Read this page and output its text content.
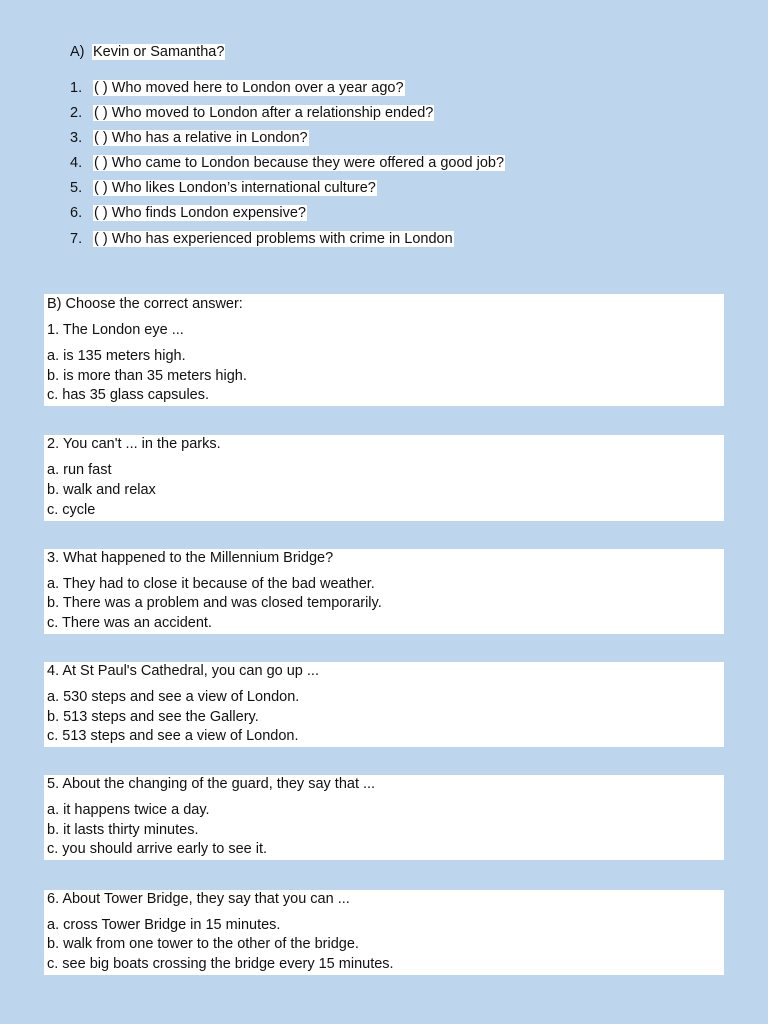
A) Kevin or Samantha?
1. ( ) Who moved here to London over a year ago?
2. ( ) Who moved to London after a relationship ended?
3. ( ) Who has a relative in London?
4. ( ) Who came to London because they were offered a good job?
5. ( ) Who likes London’s international culture?
6. ( ) Who finds London expensive?
7. ( ) Who has experienced problems with crime in London
B) Choose the correct answer:
1. The London eye ...
a. is 135 meters high.
b. is more than 35 meters high.
c. has 35 glass capsules.
2. You can't ... in the parks.
a. run fast
b. walk and relax
c. cycle
3. What happened to the Millennium Bridge?
a. They had to close it because of the bad weather.
b. There was a problem and was closed temporarily.
c. There was an accident.
4. At St Paul's Cathedral, you can go up ...
a. 530 steps and see a view of London.
b. 513 steps and see the Gallery.
c. 513 steps and see a view of London.
5. About the changing of the guard, they say that ...
a. it happens twice a day.
b. it lasts thirty minutes.
c. you should arrive early to see it.
6. About Tower Bridge, they say that you can ...
a. cross Tower Bridge in 15 minutes.
b. walk from one tower to the other of the bridge.
c. see big boats crossing the bridge every 15 minutes.
